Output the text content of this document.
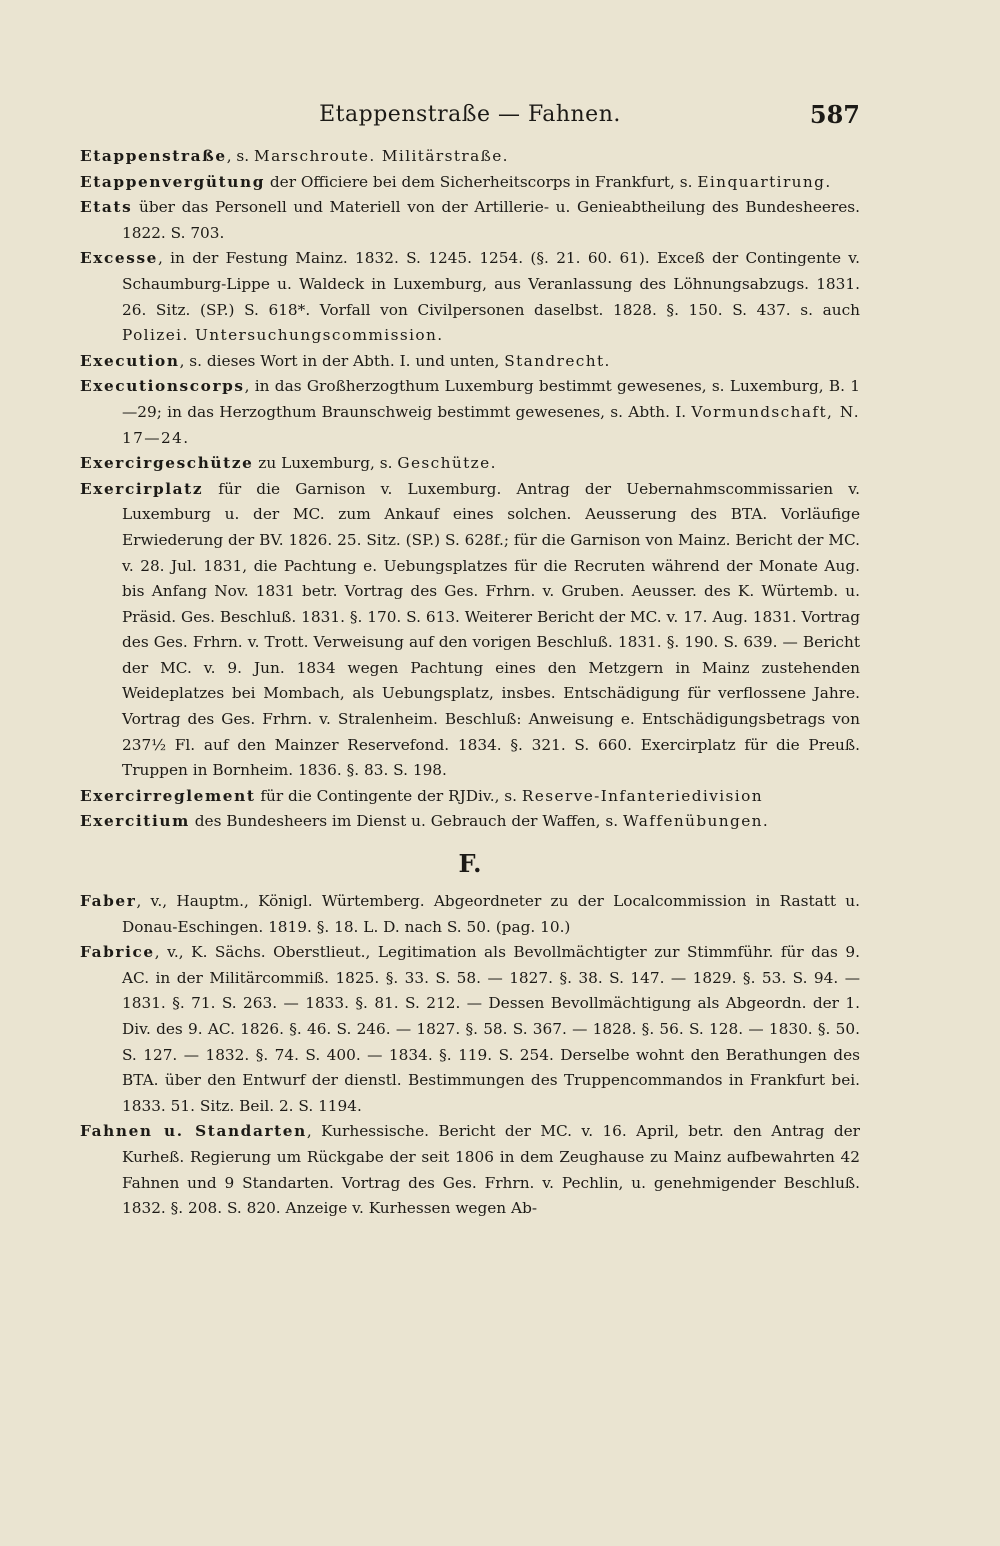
Etappenstraße — Fahnen.	587

Etappenstraße, s. Marschroute. Militärstraße.

Etappenvergütung der Officiere bei dem Sicherheitscorps in Frankfurt, s. Einquartirung.

Etats über das Personell und Materiell von der Artillerie- u. Genieabtheilung des Bundesheeres. 1822. S. 703.

Excesse, in der Festung Mainz. 1832. S. 1245. 1254. (§. 21. 60. 61). Exceß der Contingente v. Schaumburg-Lippe u. Waldeck in Luxemburg, aus Veranlassung des Löhnungsabzugs. 1831. 26. Sitz. (SP.) S. 618*. Vorfall von Civilpersonen daselbst. 1828. §. 150. S. 437. s. auch Polizei. Untersuchungscommission.

Execution, s. dieses Wort in der Abth. I. und unten, Standrecht.

Executionscorps, in das Großherzogthum Luxemburg bestimmt gewesenes, s. Luxemburg, B. 1—29; in das Herzogthum Braunschweig bestimmt gewesenes, s. Abth. I. Vormundschaft, N. 17—24.

Exercirgeschütze zu Luxemburg, s. Geschütze.

Exercirplatz für die Garnison v. Luxemburg. Antrag der Uebernahmscommissarien v. Luxemburg u. der MC. zum Ankauf eines solchen. Aeusserung des BTA. Vorläufige Erwiederung der BV. 1826. 25. Sitz. (SP.) S. 628f.; für die Garnison von Mainz. Bericht der MC. v. 28. Jul. 1831, die Pachtung e. Uebungsplatzes für die Recruten während der Monate Aug. bis Anfang Nov. 1831 betr. Vortrag des Ges. Frhrn. v. Gruben. Aeusser. des K. Würtemb. u. Präsid. Ges. Beschluß. 1831. §. 170. S. 613. Weiterer Bericht der MC. v. 17. Aug. 1831. Vortrag des Ges. Frhrn. v. Trott. Verweisung auf den vorigen Beschluß. 1831. §. 190. S. 639. — Bericht der MC. v. 9. Jun. 1834 wegen Pachtung eines den Metzgern in Mainz zustehenden Weideplatzes bei Mombach, als Uebungsplatz, insbes. Entschädigung für verflossene Jahre. Vortrag des Ges. Frhrn. v. Stralenheim. Beschluß: Anweisung e. Entschädigungsbetrags von 237½ Fl. auf den Mainzer Reservefond. 1834. §. 321. S. 660. Exercirplatz für die Preuß. Truppen in Bornheim. 1836. §. 83. S. 198.

Exercirreglement für die Contingente der RJDiv., s. Reserve-Infanteriedivision

Exercitium des Bundesheers im Dienst u. Gebrauch der Waffen, s. Waffenübungen.

F.

Faber, v., Hauptm., Königl. Würtemberg. Abgeordneter zu der Localcommission in Rastatt u. Donau-Eschingen. 1819. §. 18. L. D. nach S. 50. (pag. 10.)

Fabrice, v., K. Sächs. Oberstlieut., Legitimation als Bevollmächtigter zur Stimmführ. für das 9. AC. in der Militärcommiß. 1825. §. 33. S. 58. — 1827. §. 38. S. 147. — 1829. §. 53. S. 94. — 1831. §. 71. S. 263. — 1833. §. 81. S. 212. — Dessen Bevollmächtigung als Abgeordn. der 1. Div. des 9. AC. 1826. §. 46. S. 246. — 1827. §. 58. S. 367. — 1828. §. 56. S. 128. — 1830. §. 50. S. 127. — 1832. §. 74. S. 400. — 1834. §. 119. S. 254. Derselbe wohnt den Berathungen des BTA. über den Entwurf der dienstl. Bestimmungen des Truppencommandos in Frankfurt bei. 1833. 51. Sitz. Beil. 2. S. 1194.

Fahnen u. Standarten, Kurhessische. Bericht der MC. v. 16. April, betr. den Antrag der Kurheß. Regierung um Rückgabe der seit 1806 in dem Zeughause zu Mainz aufbewahrten 42 Fahnen und 9 Standarten. Vortrag des Ges. Frhrn. v. Pechlin, u. genehmigender Beschluß. 1832. §. 208. S. 820. Anzeige v. Kurhessen wegen Ab-
